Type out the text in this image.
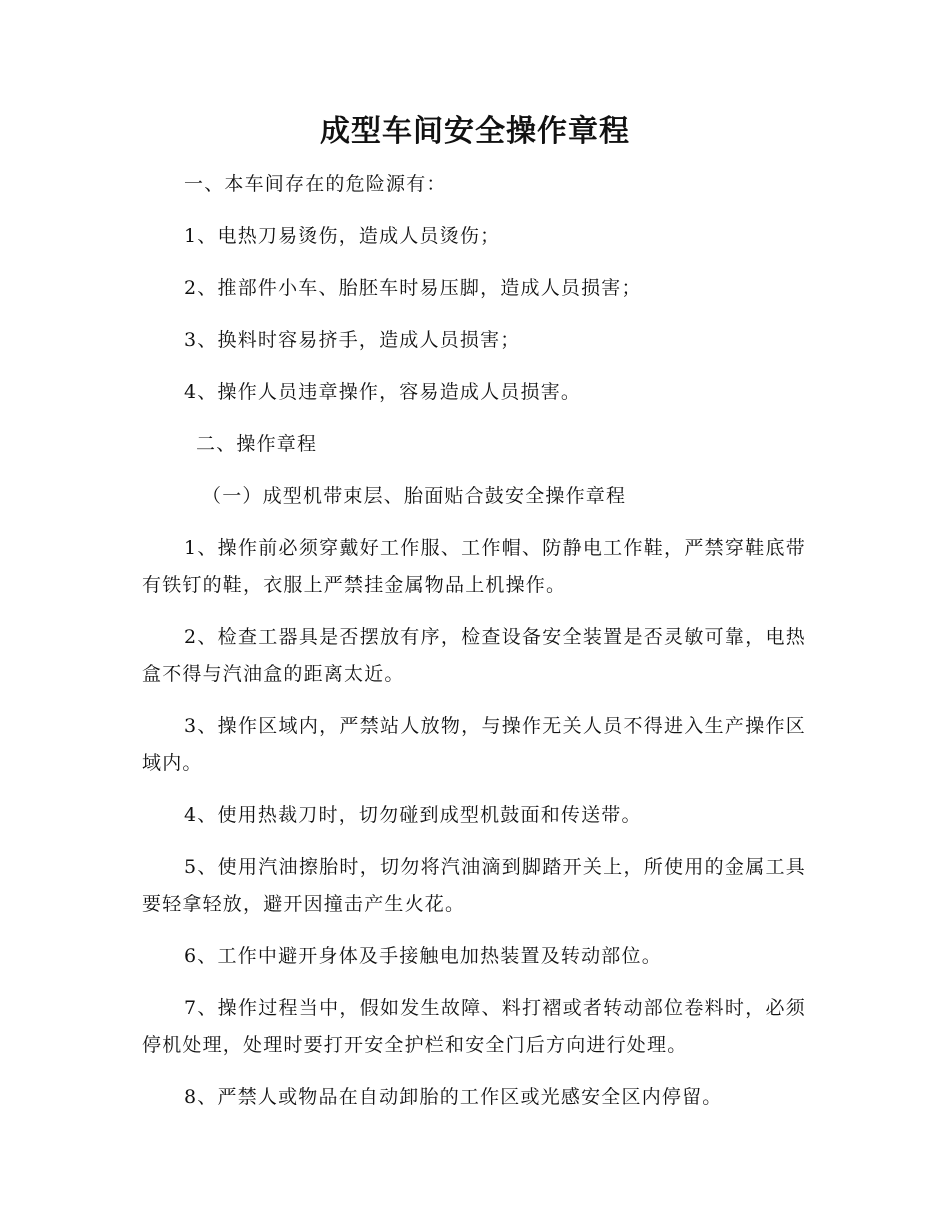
成型车间安全操作章程

一、本车间存在的危险源有：

1、电热刀易烫伤，造成人员烫伤；

2、推部件小车、胎胚车时易压脚，造成人员损害；

3、换料时容易挤手，造成人员损害；

4、操作人员违章操作，容易造成人员损害。

二、操作章程

（一）成型机带束层、胎面贴合鼓安全操作章程

1、操作前必须穿戴好工作服、工作帽、防静电工作鞋，严禁穿鞋底带有铁钉的鞋，衣服上严禁挂金属物品上机操作。

2、检查工器具是否摆放有序，检查设备安全装置是否灵敏可靠，电热盒不得与汽油盒的距离太近。

3、操作区域内，严禁站人放物，与操作无关人员不得进入生产操作区域内。

4、使用热裁刀时，切勿碰到成型机鼓面和传送带。

5、使用汽油擦胎时，切勿将汽油滴到脚踏开关上，所使用的金属工具要轻拿轻放，避开因撞击产生火花。

6、工作中避开身体及手接触电加热装置及转动部位。

7、操作过程当中，假如发生故障、料打褶或者转动部位卷料时，必须停机处理，处理时要打开安全护栏和安全门后方向进行处理。

8、严禁人或物品在自动卸胎的工作区或光感安全区内停留。
